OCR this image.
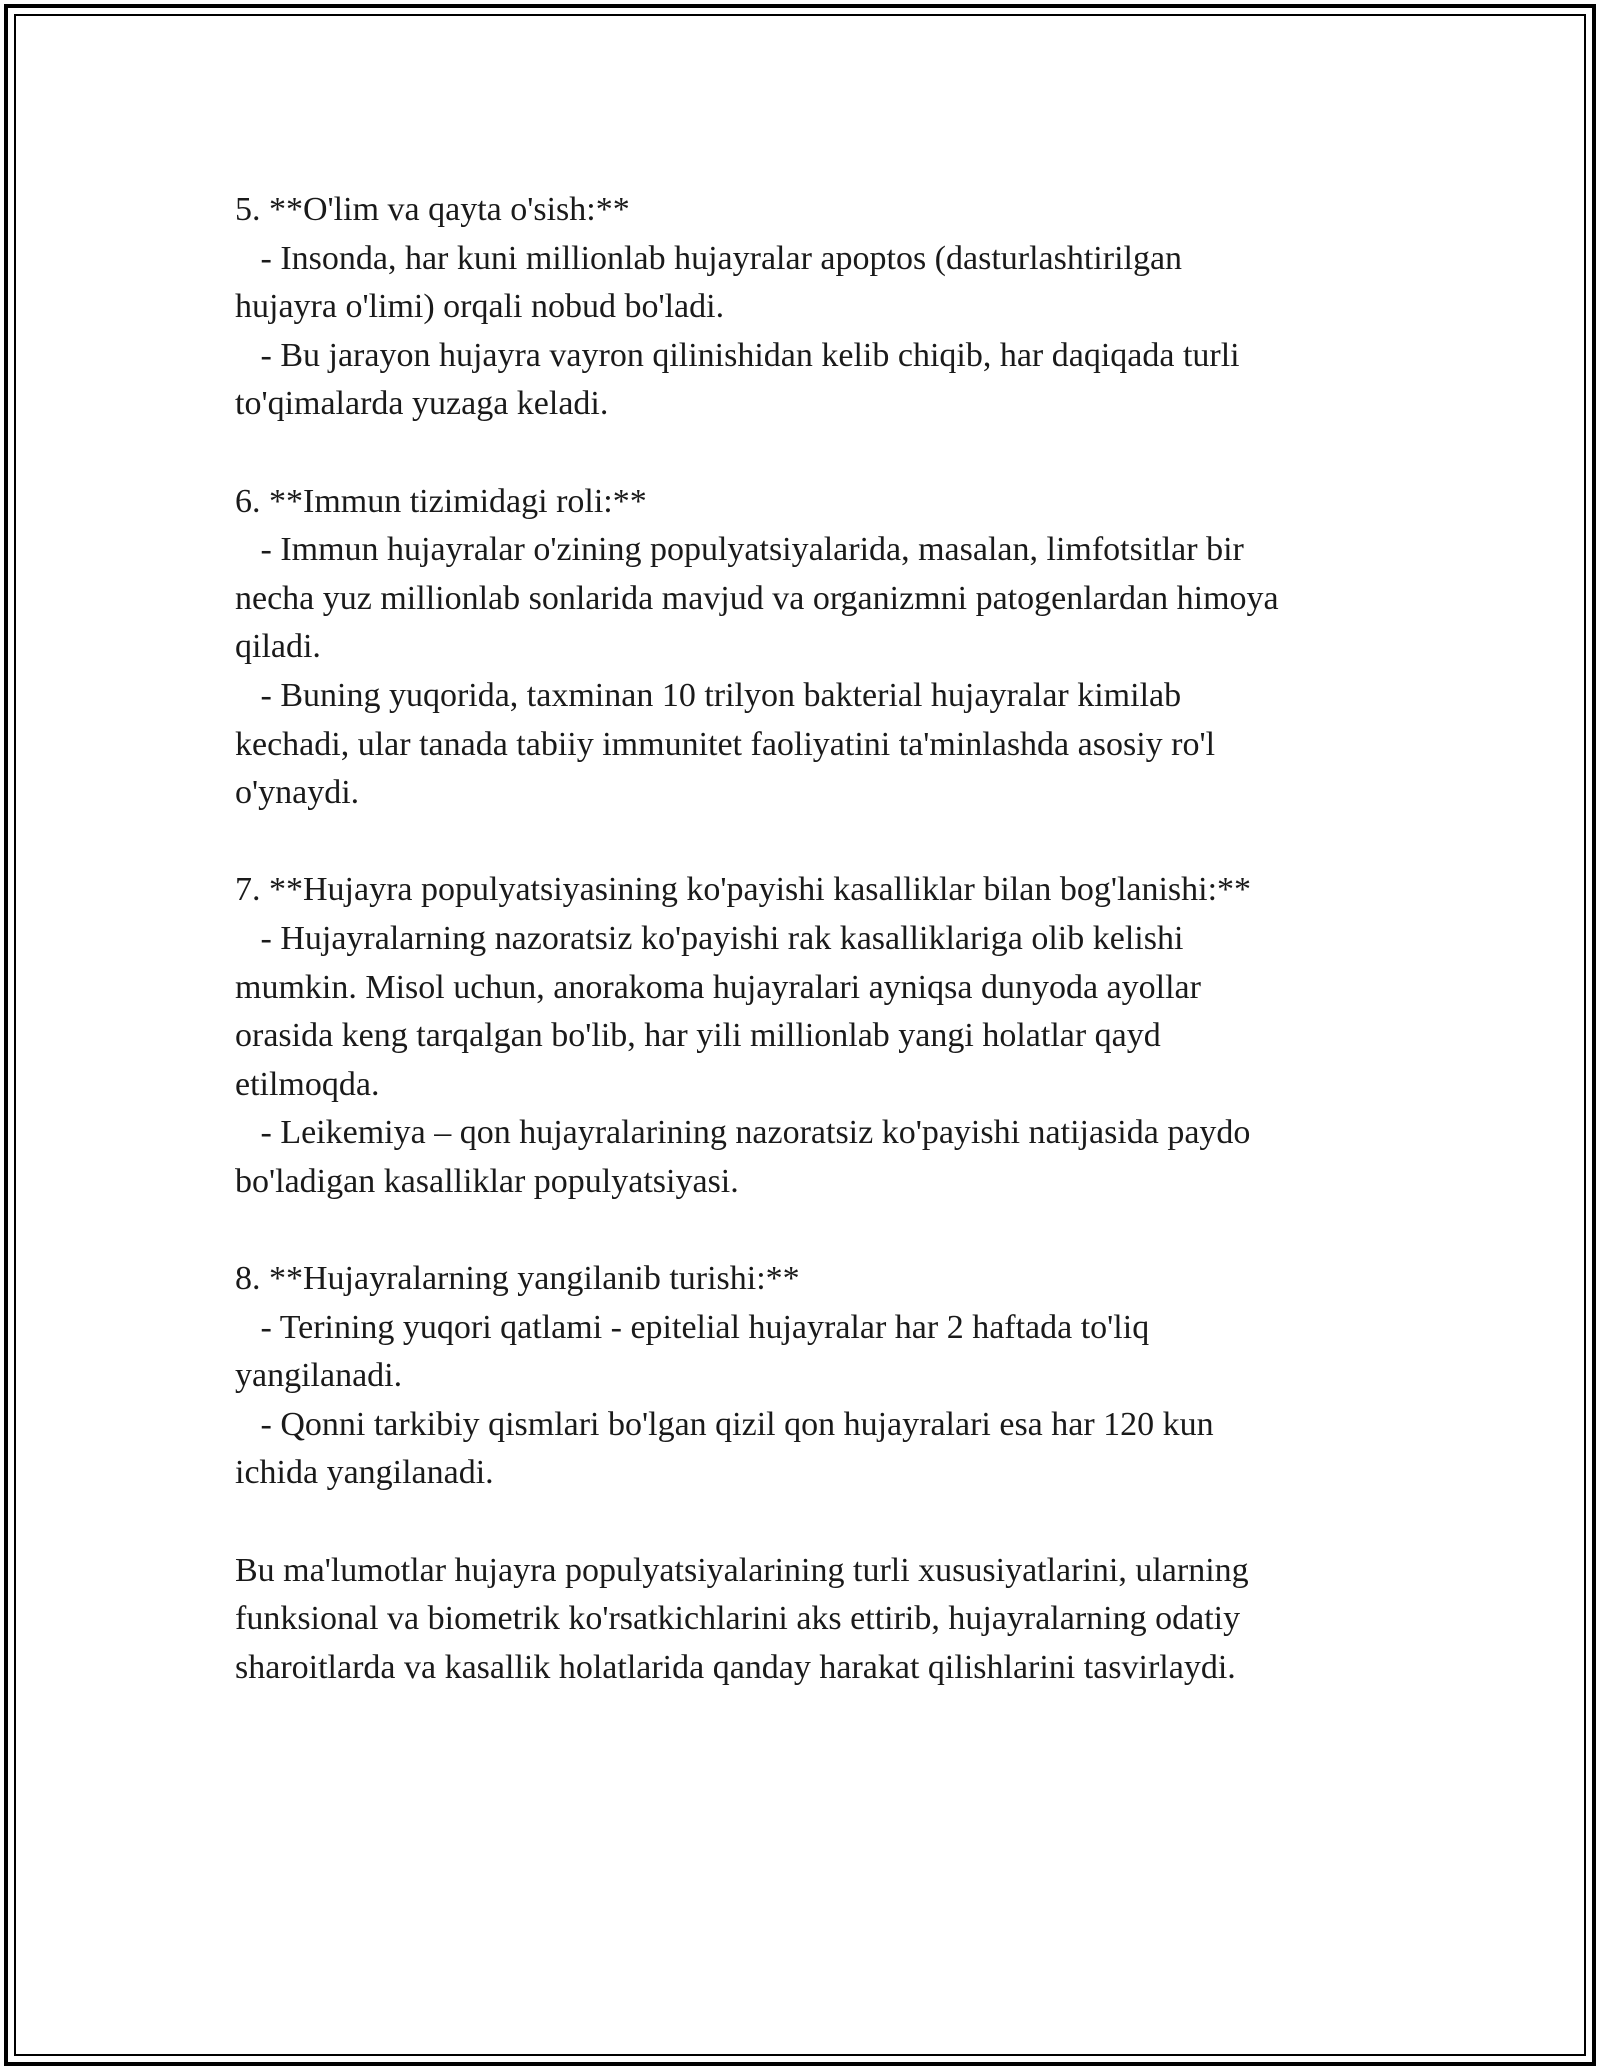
5. **O'lim va qayta o'sish:**

- Insonda, har kuni millionlab hujayralar apoptos (dasturlashtirilgan

hujayra o'limi) orqali nobud bo'ladi.

- Bu jarayon hujayra vayron qilinishidan kelib chiqib, har daqiqada turli

to'qimalarda yuzaga keladi.

6. **Immun tizimidagi roli:**

- Immun hujayralar o'zining populyatsiyalarida, masalan, limfotsitlar bir

necha yuz millionlab sonlarida mavjud va organizmni patogenlardan himoya

qiladi.

- Buning yuqorida, taxminan 10 trilyon bakterial hujayralar kimilab

kechadi, ular tanada tabiiy immunitet faoliyatini ta'minlashda asosiy ro'l

o'ynaydi.

7. **Hujayra populyatsiyasining ko'payishi kasalliklar bilan bog'lanishi:**

- Hujayralarning nazoratsiz ko'payishi rak kasalliklariga olib kelishi

mumkin. Misol uchun, anorakoma hujayralari ayniqsa dunyoda ayollar

orasida keng tarqalgan bo'lib, har yili millionlab yangi holatlar qayd

etilmoqda.

- Leikemiya – qon hujayralarining nazoratsiz ko'payishi natijasida paydo

bo'ladigan kasalliklar populyatsiyasi.

8. **Hujayralarning yangilanib turishi:**

- Terining yuqori qatlami - epitelial hujayralar har 2 haftada to'liq

yangilanadi.

- Qonni tarkibiy qismlari bo'lgan qizil qon hujayralari esa har 120 kun

ichida yangilanadi.

Bu ma'lumotlar hujayra populyatsiyalarining turli xususiyatlarini, ularning

funksional va biometrik ko'rsatkichlarini aks ettirib, hujayralarning odatiy

sharoitlarda va kasallik holatlarida qanday harakat qilishlarini tasvirlaydi.
